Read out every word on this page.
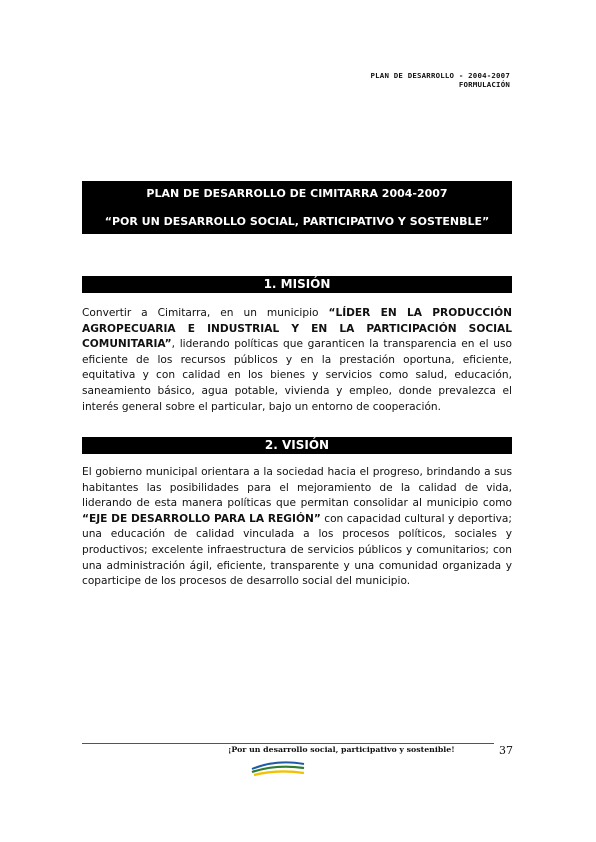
PLAN DE DESARROLLO - 2004-2007
FORMULACIÓN
PLAN DE DESARROLLO DE CIMITARRA 2004-2007
“POR UN DESARROLLO SOCIAL, PARTICIPATIVO Y SOSTENBLE”
1. MISIÓN
Convertir a Cimitarra, en un municipio “LÍDER EN LA PRODUCCIÓN AGROPECUARIA E INDUSTRIAL Y EN LA PARTICIPACIÓN SOCIAL COMUNITARIA”, liderando políticas que garanticen la transparencia en el uso eficiente de los recursos públicos y en la prestación oportuna, eficiente, equitativa y con calidad en los bienes y servicios como salud, educación, saneamiento básico, agua potable, vivienda y empleo, donde prevalezca el interés general sobre el particular, bajo un entorno de cooperación.
2. VISIÓN
El gobierno municipal orientara a la sociedad hacia el progreso, brindando a sus habitantes las posibilidades para el mejoramiento de la calidad de vida, liderando de esta manera políticas que permitan consolidar al municipio como “EJE DE DESARROLLO PARA LA REGIÓN” con capacidad cultural y deportiva; una educación de calidad vinculada a los procesos políticos, sociales y productivos; excelente infraestructura de servicios públicos y comunitarios; con una administración ágil, eficiente, transparente y una comunidad organizada y coparticipe de los procesos de desarrollo social del municipio.
¡Por un desarrollo social, participativo y sostenible!	37
